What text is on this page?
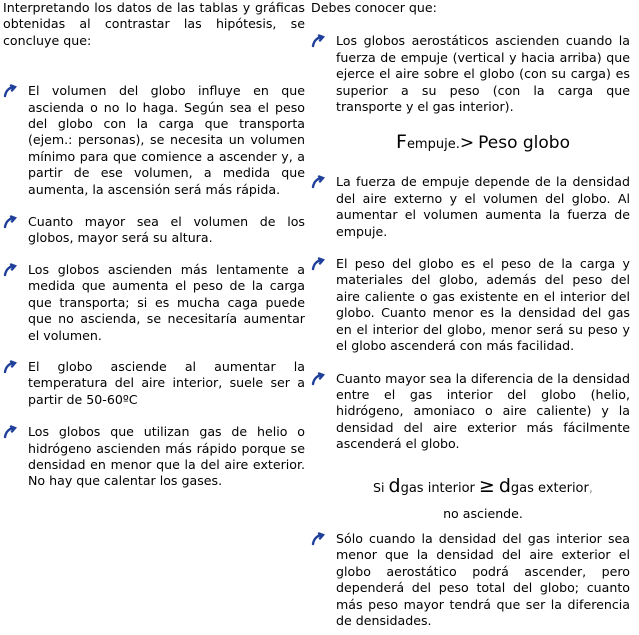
Interpretando los datos de las tablas y gráficas obtenidas al contrastar las hipótesis, se concluye que:

El volumen del globo influye en que ascienda o no lo haga. Según sea el peso del globo con la carga que transporta (ejem.: personas), se necesita un volumen mínimo para que comience a ascender y, a partir de ese volumen, a medida que aumenta, la ascensión será más rápida.

Cuanto mayor sea el volumen de los globos, mayor será su altura.

Los globos ascienden más lentamente a medida que aumenta el peso de la carga que transporta; si es mucha caga puede que no ascienda, se necesitaría aumentar el volumen.

El globo asciende al aumentar la temperatura del aire interior, suele ser a partir de 50-60ºC

Los globos que utilizan gas de helio o hidrógeno ascienden más rápido porque se densidad en menor que la del aire exterior. No hay que calentar los gases.

Debes conocer que:

Los globos aerostáticos ascienden cuando la fuerza de empuje (vertical y hacia arriba) que ejerce el aire sobre el globo (con su carga) es superior a su peso (con la carga que transporte y el gas interior).

Fempuje.> Peso globo

La fuerza de empuje depende de la densidad del aire externo y el volumen del globo. Al aumentar el volumen aumenta la fuerza de empuje.

El peso del globo es el peso de la carga y materiales del globo, además del peso del aire caliente o gas existente en el interior del globo. Cuanto menor es la densidad del gas en el interior del globo, menor será su peso y el globo ascenderá con más facilidad.

Cuanto mayor sea la diferencia de la densidad entre el gas interior del globo (helio, hidrógeno, amoniaco o aire caliente) y la densidad del aire exterior más fácilmente ascenderá el globo.

Si dgas interior ≥ dgas exterior,

no asciende.

Sólo cuando la densidad del gas interior sea menor que la densidad del aire exterior el globo aerostático podrá ascender, pero dependerá del peso total del globo; cuanto más peso mayor tendrá que ser la diferencia de densidades.
